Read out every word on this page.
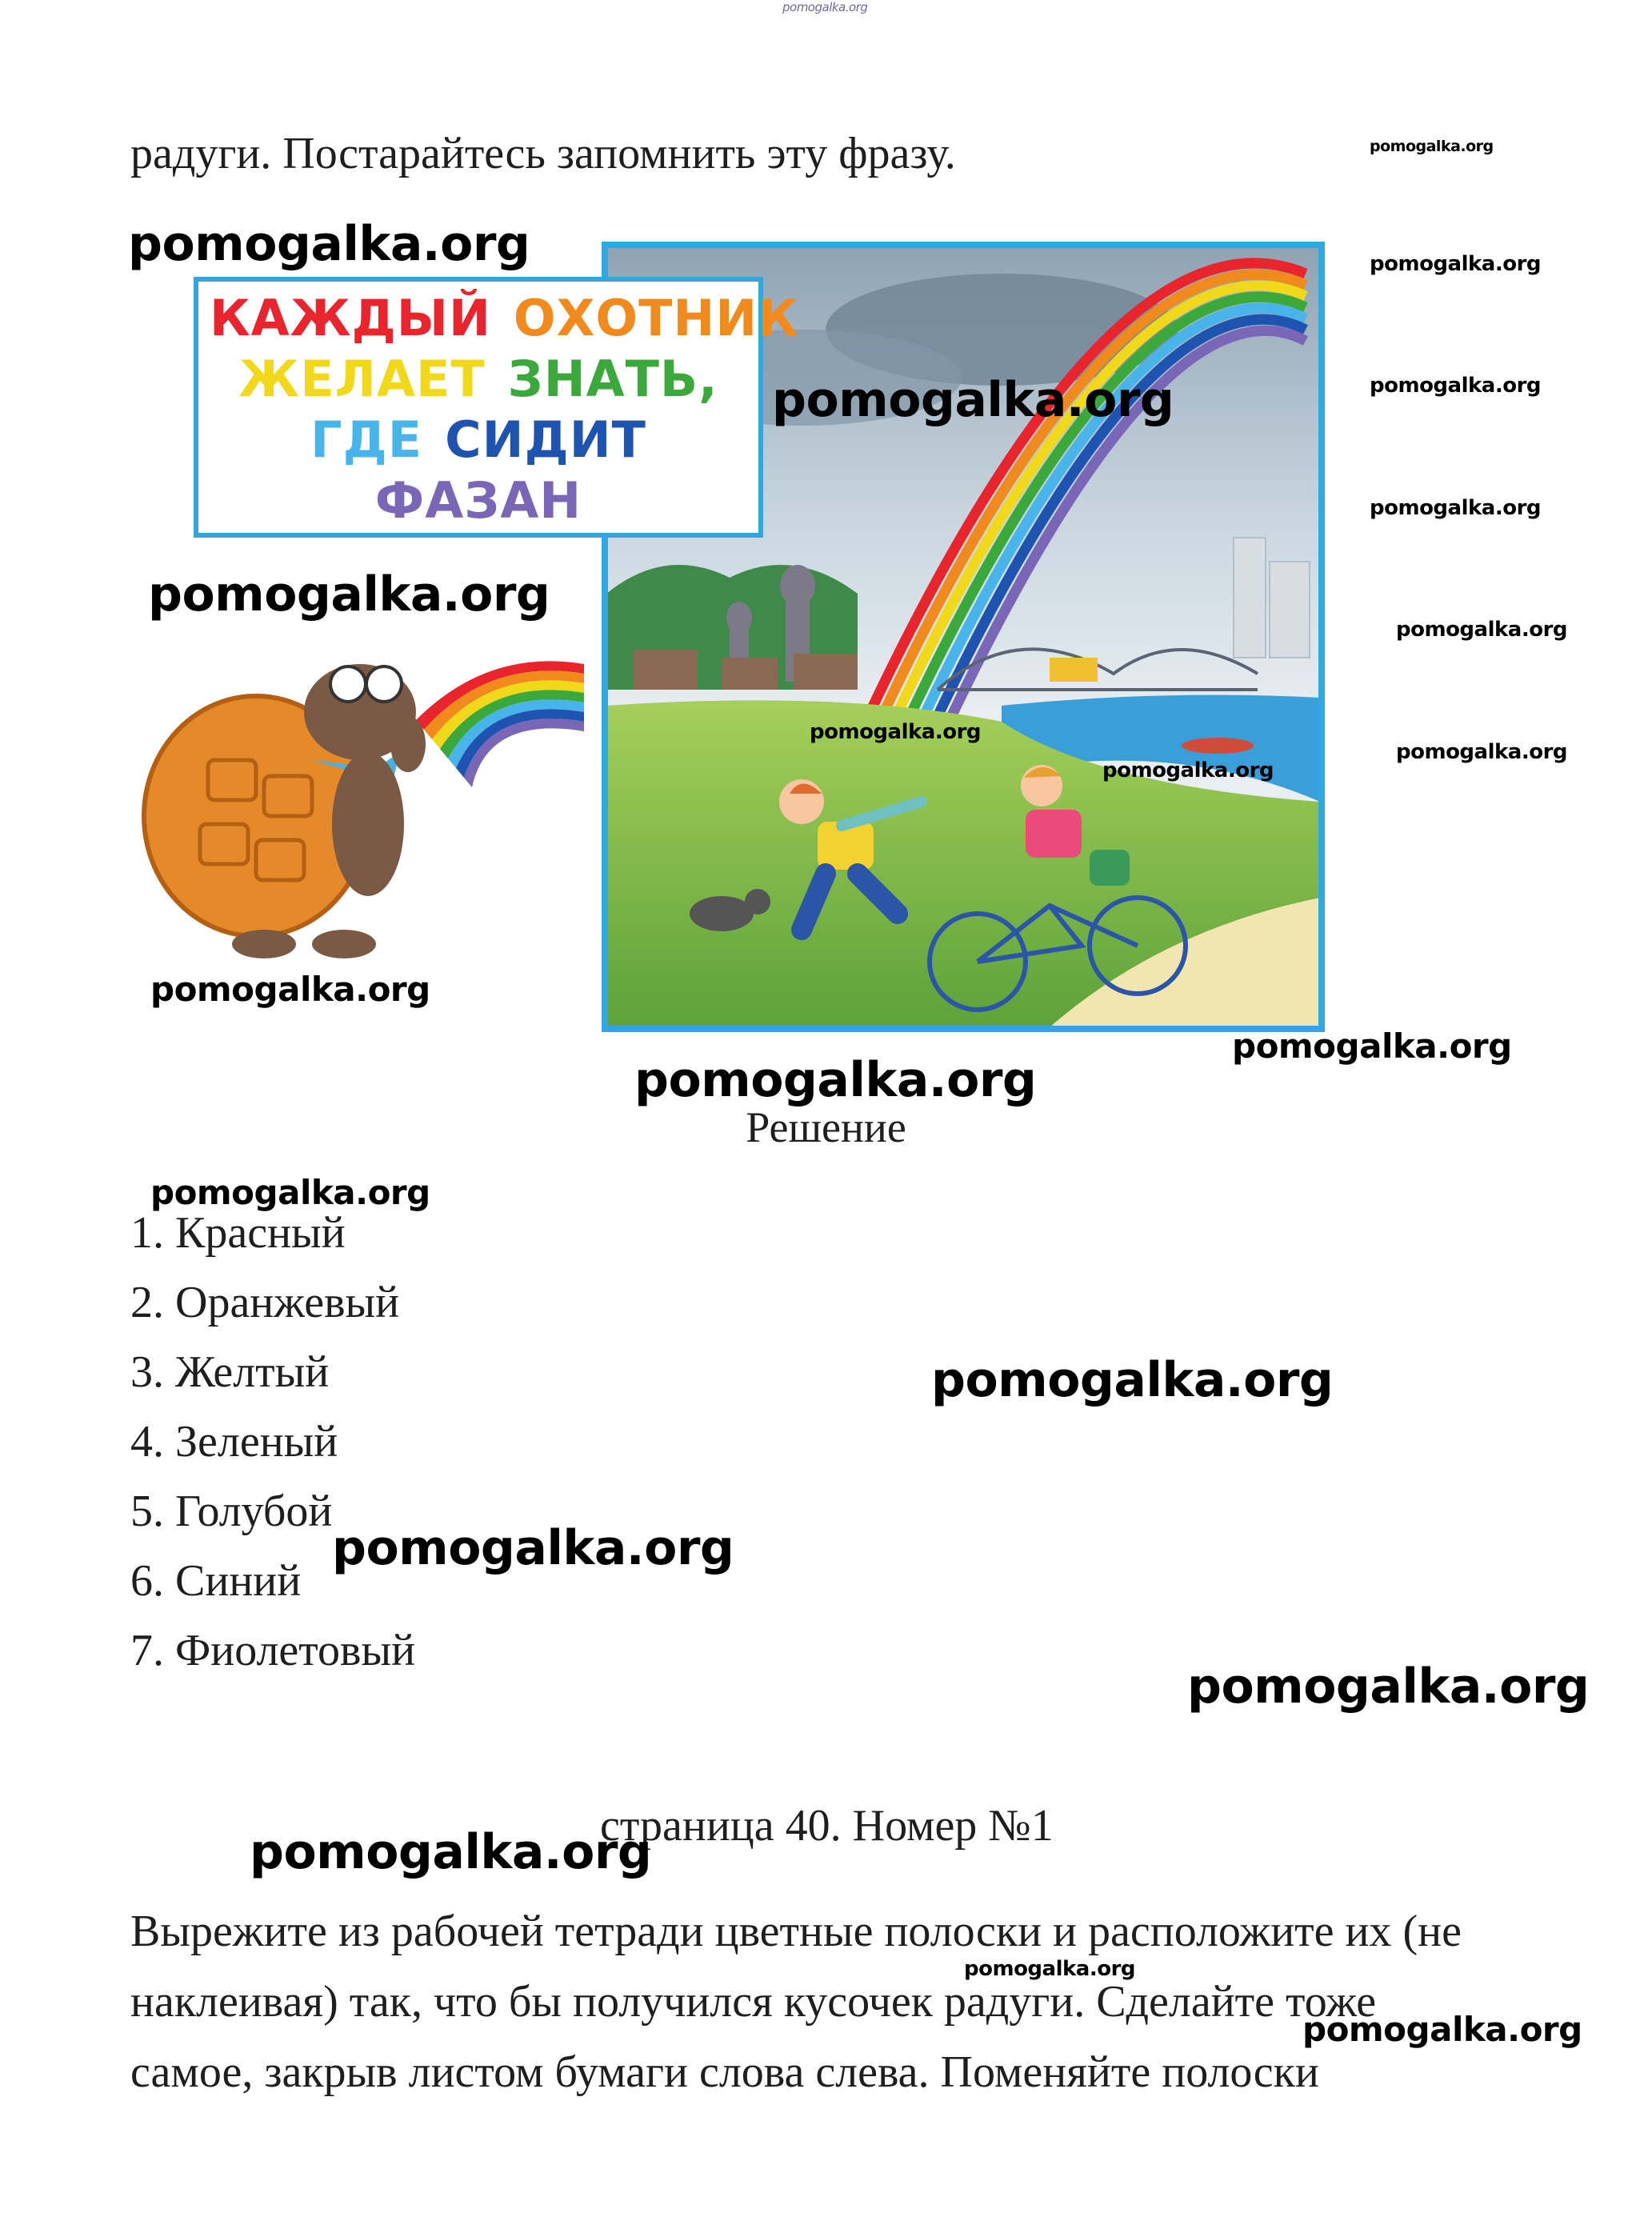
pomogalka.org
радуги. Постарайтесь запомнить эту фразу.
КАЖДЫЙ ОХОТНИК
ЖЕЛАЕТ ЗНАТЬ,
ГДЕ СИДИТ
ФАЗАН
Решение
1. Красный
2. Оранжевый
3. Желтый
4. Зеленый
5. Голубой
6. Синий
7. Фиолетовый
страница 40. Номер №1
Вырежите из рабочей тетради цветные полоски и расположите их (не
наклеивая) так, что бы получился кусочек радуги. Сделайте тоже
самое, закрыв листом бумаги слова слева. Поменяйте полоски
pomogalka.org
pomogalka.org	pomogalka.org
pomogalka.org	pomogalka.org
pomogalka.org
pomogalka.org
pomogalka.org
pomogalka.org
pomogalka.org
pomogalka.org
pomogalka.org
pomogalka.org
pomogalka.org
pomogalka.org
pomogalka.org
pomogalka.org
pomogalka.org
pomogalka.org
pomogalka.org
pomogalka.org
